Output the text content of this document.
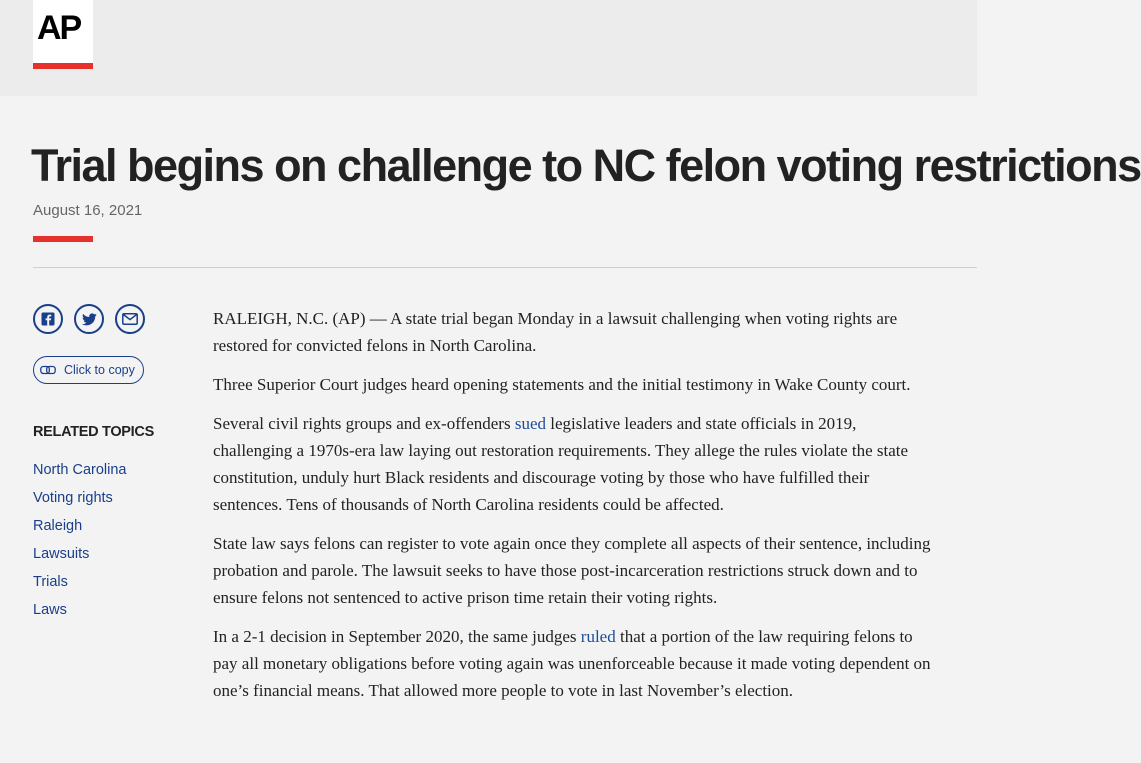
AP
Trial begins on challenge to NC felon voting restrictions
August 16, 2021
Click to copy
RELATED TOPICS
North Carolina
Voting rights
Raleigh
Lawsuits
Trials
Laws

RALEIGH, N.C. (AP) — A state trial began Monday in a lawsuit challenging when voting rights are restored for convicted felons in North Carolina.

Three Superior Court judges heard opening statements and the initial testimony in Wake County court.

Several civil rights groups and ex-offenders sued legislative leaders and state officials in 2019, challenging a 1970s-era law laying out restoration requirements. They allege the rules violate the state constitution, unduly hurt Black residents and discourage voting by those who have fulfilled their sentences. Tens of thousands of North Carolina residents could be affected.

State law says felons can register to vote again once they complete all aspects of their sentence, including probation and parole. The lawsuit seeks to have those post-incarceration restrictions struck down and to ensure felons not sentenced to active prison time retain their voting rights.

In a 2-1 decision in September 2020, the same judges ruled that a portion of the law requiring felons to pay all monetary obligations before voting again was unenforceable because it made voting dependent on one’s financial means. That allowed more people to vote in last November’s election.
